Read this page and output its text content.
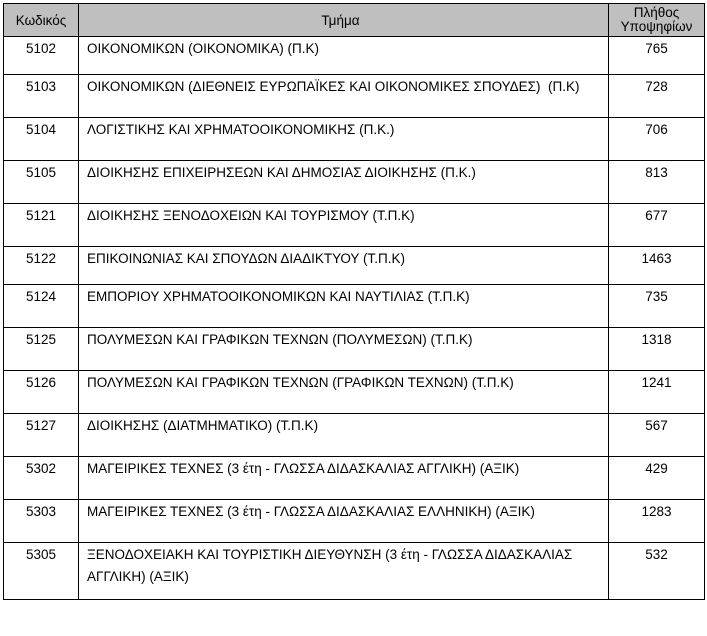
Κωδικός	Τμήμα	Πλήθος
Υποψηφίων
5102	ΟΙΚΟΝΟΜΙΚΩΝ (ΟΙΚΟΝΟΜΙΚΑ) (Π.Κ)	765
5103	ΟΙΚΟΝΟΜΙΚΩΝ (ΔΙΕΘΝΕΙΣ ΕΥΡΩΠΑΪΚΕΣ ΚΑΙ ΟΙΚΟΝΟΜΙΚΕΣ ΣΠΟΥΔΕΣ)  (Π.Κ)	728
5104	ΛΟΓΙΣΤΙΚΗΣ ΚΑΙ ΧΡΗΜΑΤΟΟΙΚΟΝΟΜΙΚΗΣ (Π.Κ.)	706
5105	ΔΙΟΙΚΗΣΗΣ ΕΠΙΧΕΙΡΗΣΕΩΝ ΚΑΙ ΔΗΜΟΣΙΑΣ ΔΙΟΙΚΗΣΗΣ (Π.Κ.)	813
5121	ΔΙΟΙΚΗΣΗΣ ΞΕΝΟΔΟΧΕΙΩΝ ΚΑΙ ΤΟΥΡΙΣΜΟΥ (Τ.Π.Κ)	677
5122	ΕΠΙΚΟΙΝΩΝΙΑΣ ΚΑΙ ΣΠΟΥΔΩΝ ΔΙΑΔΙΚΤΥΟΥ (Τ.Π.Κ)	1463
5124	ΕΜΠΟΡΙΟΥ ΧΡΗΜΑΤΟΟΙΚΟΝΟΜΙΚΩΝ ΚΑΙ ΝΑΥΤΙΛΙΑΣ (Τ.Π.Κ)	735
5125	ΠΟΛΥΜΕΣΩΝ ΚΑΙ ΓΡΑΦΙΚΩΝ ΤΕΧΝΩΝ (ΠΟΛΥΜΕΣΩΝ) (Τ.Π.Κ)	1318
5126	ΠΟΛΥΜΕΣΩΝ ΚΑΙ ΓΡΑΦΙΚΩΝ ΤΕΧΝΩΝ (ΓΡΑΦΙΚΩΝ ΤΕΧΝΩΝ) (Τ.Π.Κ)	1241
5127	ΔΙΟΙΚΗΣΗΣ (ΔΙΑΤΜΗΜΑΤΙΚΟ) (Τ.Π.Κ)	567
5302	ΜΑΓΕΙΡΙΚΕΣ ΤΕΧΝΕΣ (3 έτη - ΓΛΩΣΣΑ ΔΙΔΑΣΚΑΛΙΑΣ ΑΓΓΛΙΚΗ) (ΑΞΙΚ)	429
5303	ΜΑΓΕΙΡΙΚΕΣ ΤΕΧΝΕΣ (3 έτη - ΓΛΩΣΣΑ ΔΙΔΑΣΚΑΛΙΑΣ ΕΛΛΗΝΙΚΗ) (ΑΞΙΚ)	1283
5305	ΞΕΝΟΔΟΧΕΙΑΚΗ ΚΑΙ ΤΟΥΡΙΣΤΙΚΗ ΔΙΕΥΘΥΝΣΗ (3 έτη - ΓΛΩΣΣΑ ΔΙΔΑΣΚΑΛΙΑΣ ΑΓΓΛΙΚΗ) (ΑΞΙΚ)	532
